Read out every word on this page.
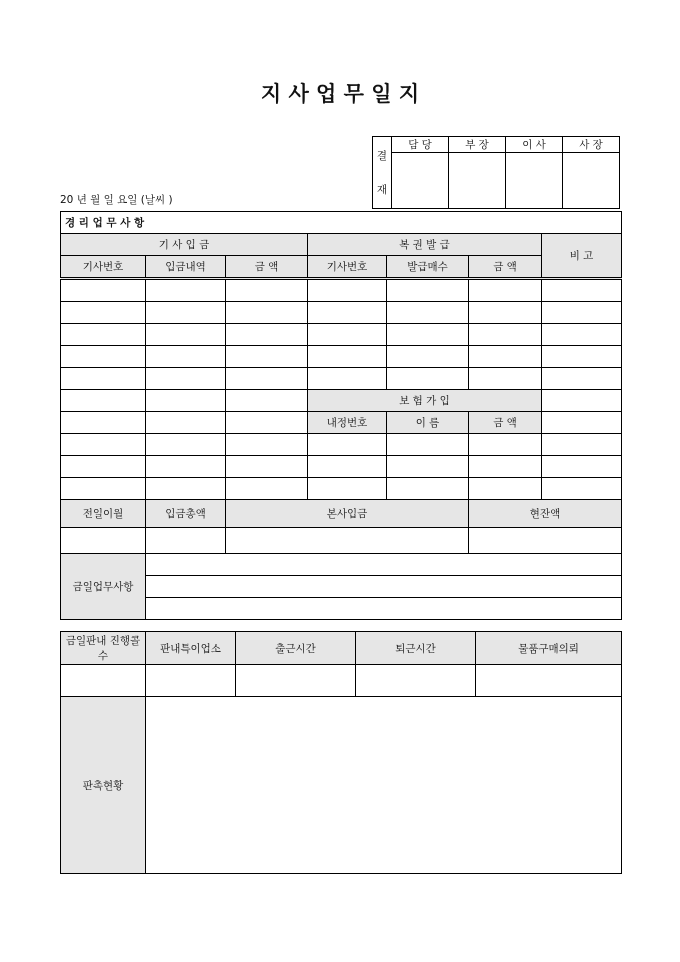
지 사 업 무 일 지
결
재	담 당	부 장	이 사	사 장

20 년 월 일 요일 (날씨 )
경 리 업 무 사 항						
기 사 입 금			복 권 발 급			비 고
기사번호	입금내역	금 액	기사번호	발급매수	금 액	

			보 험 가 입			
			내정번호	이 름	금 액	

전일이월	입금총액	본사입금			현잔액	

금일업무사항						

금일판내 진행콜수	판내특이업소	출근시간	퇴근시간	물품구매의뢰

판촉현황				
